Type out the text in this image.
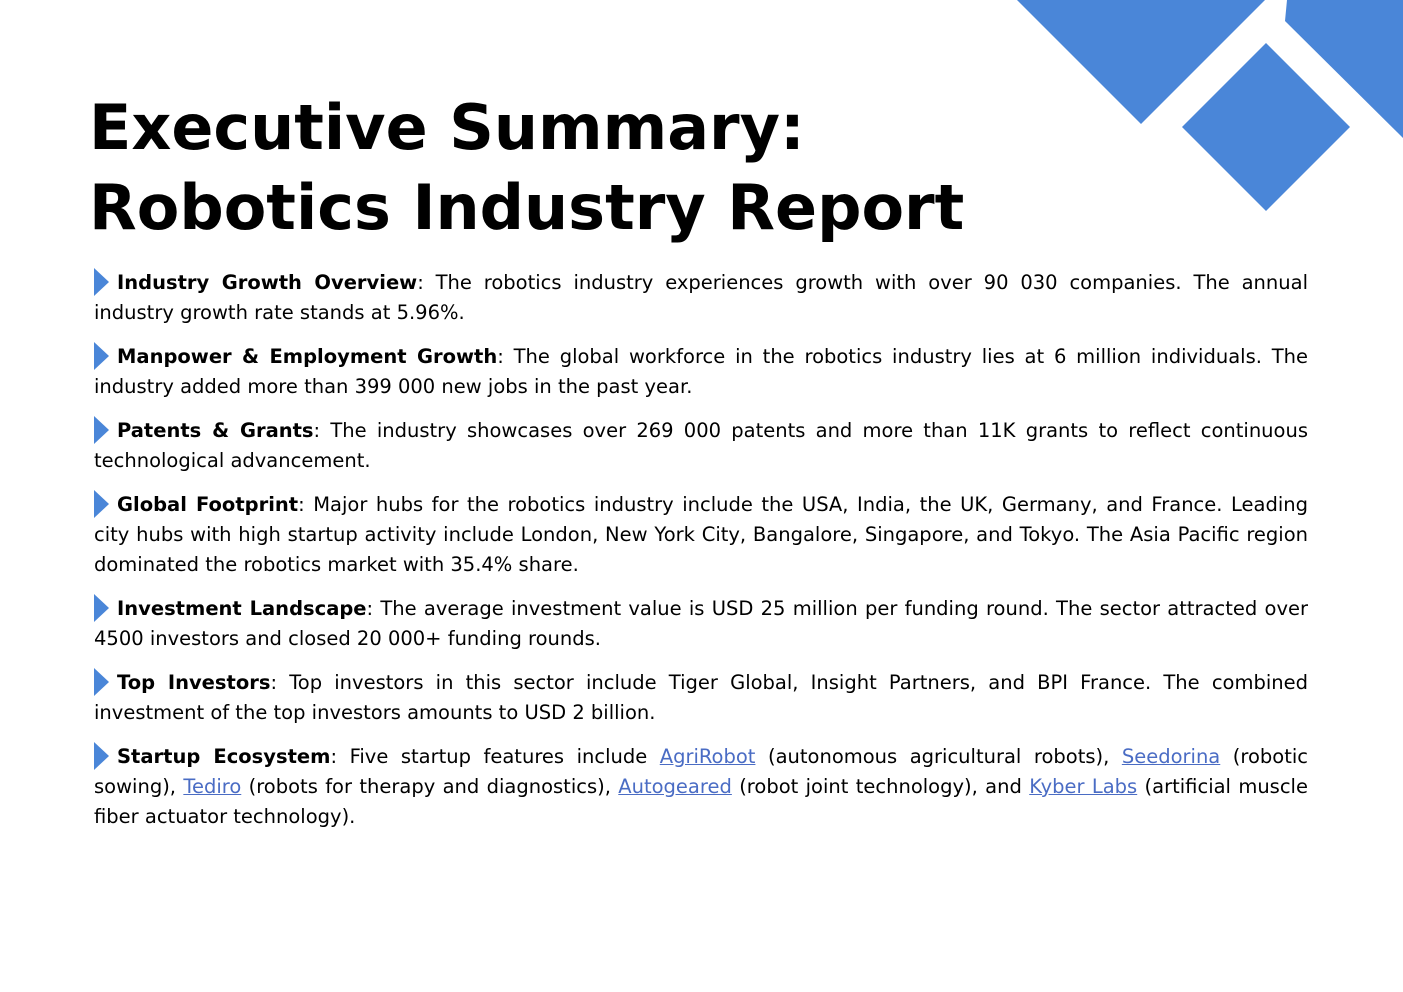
Executive Summary:
Robotics Industry Report

Industry Growth Overview: The robotics industry experiences growth with over 90 030 companies. The annual industry growth rate stands at 5.96%.

Manpower & Employment Growth: The global workforce in the robotics industry lies at 6 million individuals. The industry added more than 399 000 new jobs in the past year.

Patents & Grants: The industry showcases over 269 000 patents and more than 11K grants to reflect continuous technological advancement.

Global Footprint: Major hubs for the robotics industry include the USA, India, the UK, Germany, and France. Leading city hubs with high startup activity include London, New York City, Bangalore, Singapore, and Tokyo. The Asia Pacific region dominated the robotics market with 35.4% share.

Investment Landscape: The average investment value is USD 25 million per funding round. The sector attracted over 4500 investors and closed 20 000+ funding rounds.

Top Investors: Top investors in this sector include Tiger Global, Insight Partners, and BPI France. The combined investment of the top investors amounts to USD 2 billion.

Startup Ecosystem: Five startup features include AgriRobot (autonomous agricultural robots), Seedorina (robotic sowing), Tediro (robots for therapy and diagnostics), Autogeared (robot joint technology), and Kyber Labs (artificial muscle fiber actuator technology).
